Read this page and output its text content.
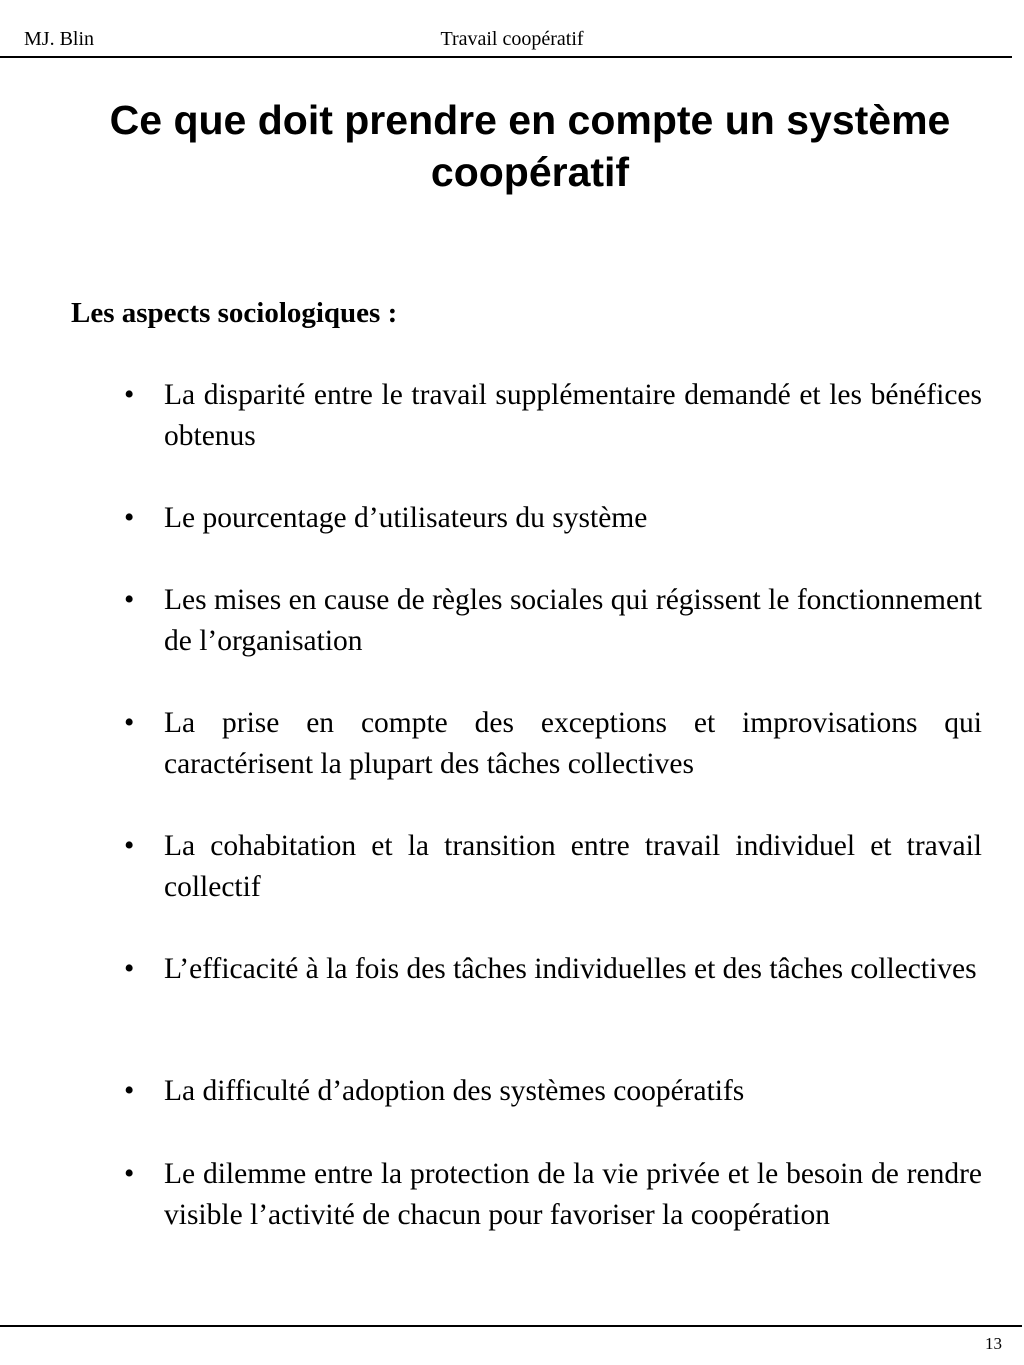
MJ. Blin	Travail coopératif
Ce que doit prendre en compte un système coopératif
Les aspects sociologiques :
•	La disparité entre le travail supplémentaire demandé et les bénéfices obtenus
•	Le pourcentage d’utilisateurs du système
•	Les mises en cause de règles sociales qui régissent le fonctionnement de l’organisation
•	La prise en compte des exceptions et improvisations qui caractérisent la plupart des tâches collectives
•	La cohabitation et la transition entre travail individuel et travail collectif
•	L’efficacité à la fois des tâches individuelles et des tâches collectives
•	La difficulté d’adoption des systèmes coopératifs
•	Le dilemme entre la protection de la vie privée et le besoin de rendre visible l’activité de chacun pour favoriser la coopération
13
